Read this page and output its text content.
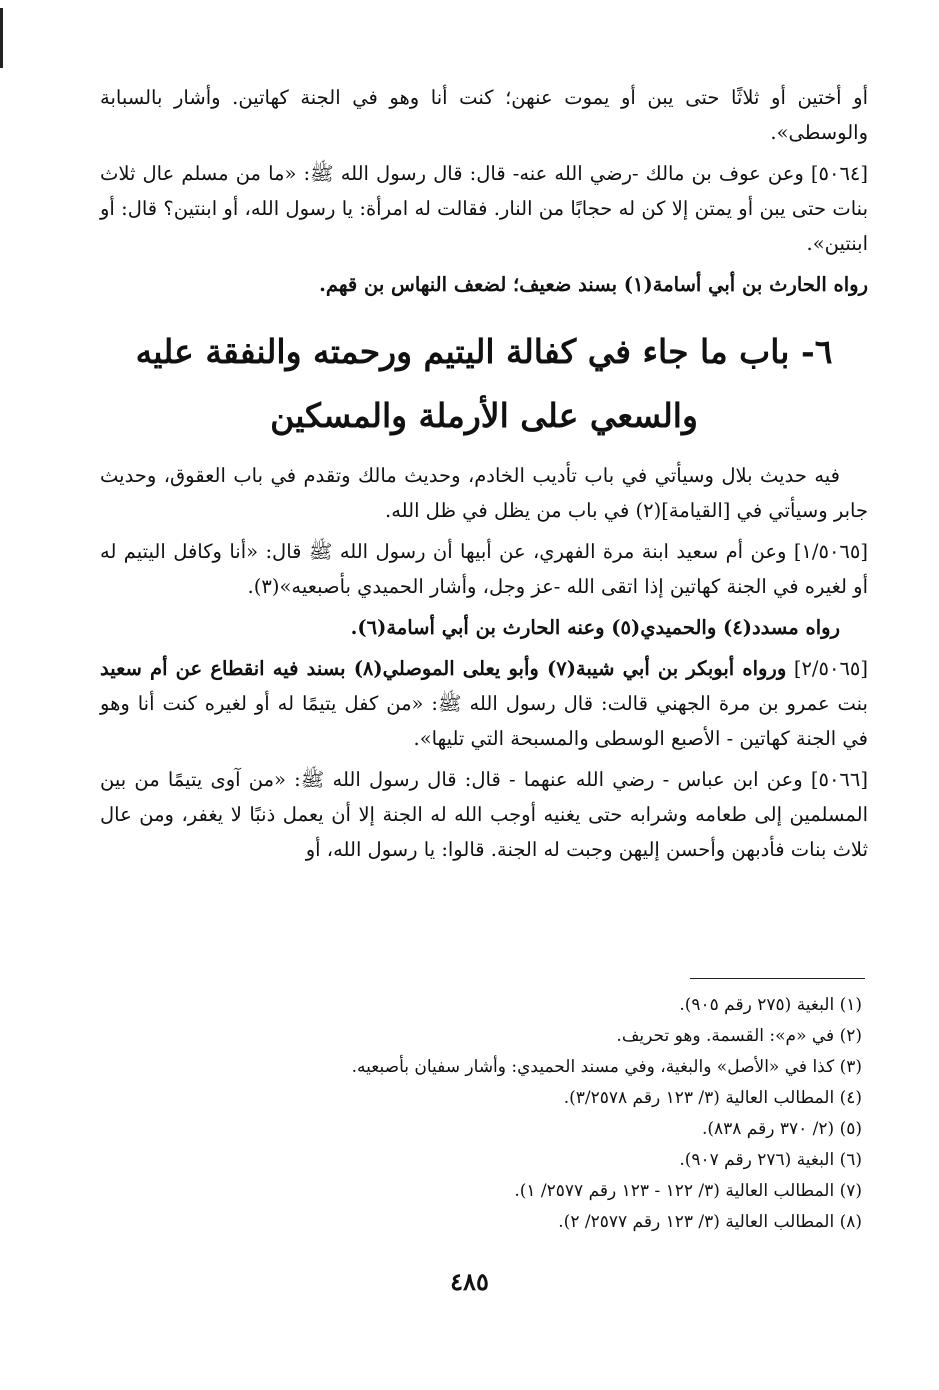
أو أختين أو ثلاثًا حتى يبن أو يموت عنهن؛ كنت أنا وهو في الجنة كهاتين. وأشار بالسبابة والوسطى».

[٥٠٦٤] وعن عوف بن مالك -رضي الله عنه- قال: قال رسول الله ﷺ: «ما من مسلم عال ثلاث بنات حتى يبن أو يمتن إلا كن له حجابًا من النار. فقالت له امرأة: يا رسول الله، أو ابنتين؟ قال: أو ابنتين».

رواه الحارث بن أبي أسامة(١) بسند ضعيف؛ لضعف النهاس بن قهم.

٦- باب ما جاء في كفالة اليتيم ورحمته والنفقة عليه
والسعي على الأرملة والمسكين

فيه حديث بلال وسيأتي في باب تأديب الخادم، وحديث مالك وتقدم في باب العقوق، وحديث جابر وسيأتي في [القيامة](٢) في باب من يظل في ظل الله.

[١/٥٠٦٥] وعن أم سعيد ابنة مرة الفهري، عن أبيها أن رسول الله ﷺ قال: «أنا وكافل اليتيم له أو لغيره في الجنة كهاتين إذا اتقى الله -عز وجل، وأشار الحميدي بأصبعيه»(٣).

رواه مسدد(٤) والحميدي(٥) وعنه الحارث بن أبي أسامة(٦).

[٢/٥٠٦٥] ورواه أبوبكر بن أبي شيبة(٧) وأبو يعلى الموصلي(٨) بسند فيه انقطاع عن أم سعيد بنت عمرو بن مرة الجهني قالت: قال رسول الله ﷺ: «من كفل يتيمًا له أو لغيره كنت أنا وهو في الجنة كهاتين - الأصبع الوسطى والمسبحة التي تليها».

[٥٠٦٦] وعن ابن عباس - رضي الله عنهما - قال: قال رسول الله ﷺ: «من آوى يتيمًا من بين المسلمين إلى طعامه وشرابه حتى يغنيه أوجب الله له الجنة إلا أن يعمل ذنبًا لا يغفر، ومن عال ثلاث بنات فأدبهن وأحسن إليهن وجبت له الجنة. قالوا: يا رسول الله، أو

(١) البغية (٢٧٥ رقم ٩٠٥).
(٢) في «م»: القسمة. وهو تحريف.
(٣) كذا في «الأصل» والبغية، وفي مسند الحميدي: وأشار سفيان بأصبعيه.
(٤) المطالب العالية (٣/ ١٢٣ رقم ٣/٢٥٧٨).
(٥) (٢/ ٣٧٠ رقم ٨٣٨).
(٦) البغية (٢٧٦ رقم ٩٠٧).
(٧) المطالب العالية (٣/ ١٢٢ - ١٢٣ رقم ٢٥٧٧/ ١).
(٨) المطالب العالية (٣/ ١٢٣ رقم ٢٥٧٧/ ٢).
٤٨٥
